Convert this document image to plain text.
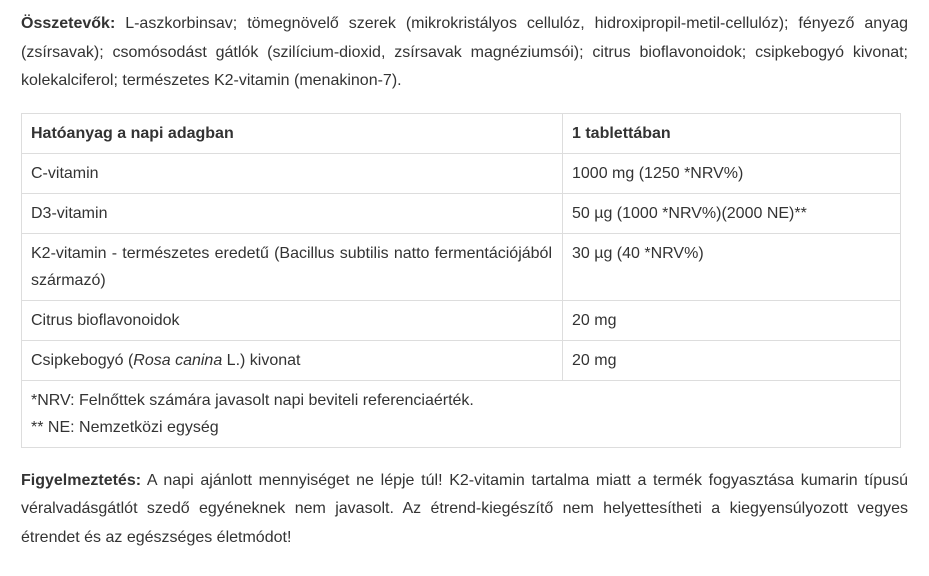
Összetevők: L-aszkorbinsav; tömegnövelő szerek (mikrokristályos cellulóz, hidroxipropil-metil-cellulóz); fényező anyag (zsírsavak); csomósodást gátlók (szilícium-dioxid, zsírsavak magnéziumsói); citrus bioflavonoidok; csipkebogyó kivonat; kolekalciferol; természetes K2-vitamin (menakinon-7).

Hatóanyag a napi adagban	1 tablettában
C-vitamin	1000 mg (1250 *NRV%)
D3-vitamin	50 µg (1000 *NRV%)(2000 NE)**
K2-vitamin - természetes eredetű (Bacillus subtilis natto fermentációjából származó)	30 µg (40 *NRV%)
Citrus bioflavonoidok	20 mg
Csipkebogyó (Rosa canina L.) kivonat	20 mg

*NRV: Felnőttek számára javasolt napi beviteli referenciaérték.
** NE: Nemzetközi egység	

Figyelmeztetés: A napi ajánlott mennyiséget ne lépje túl! K2-vitamin tartalma miatt a termék fogyasztása kumarin típusú véralvadásgátlót szedő egyéneknek nem javasolt. Az étrend-kiegészítő nem helyettesítheti a kiegyensúlyozott vegyes étrendet és az egészséges életmódot!
